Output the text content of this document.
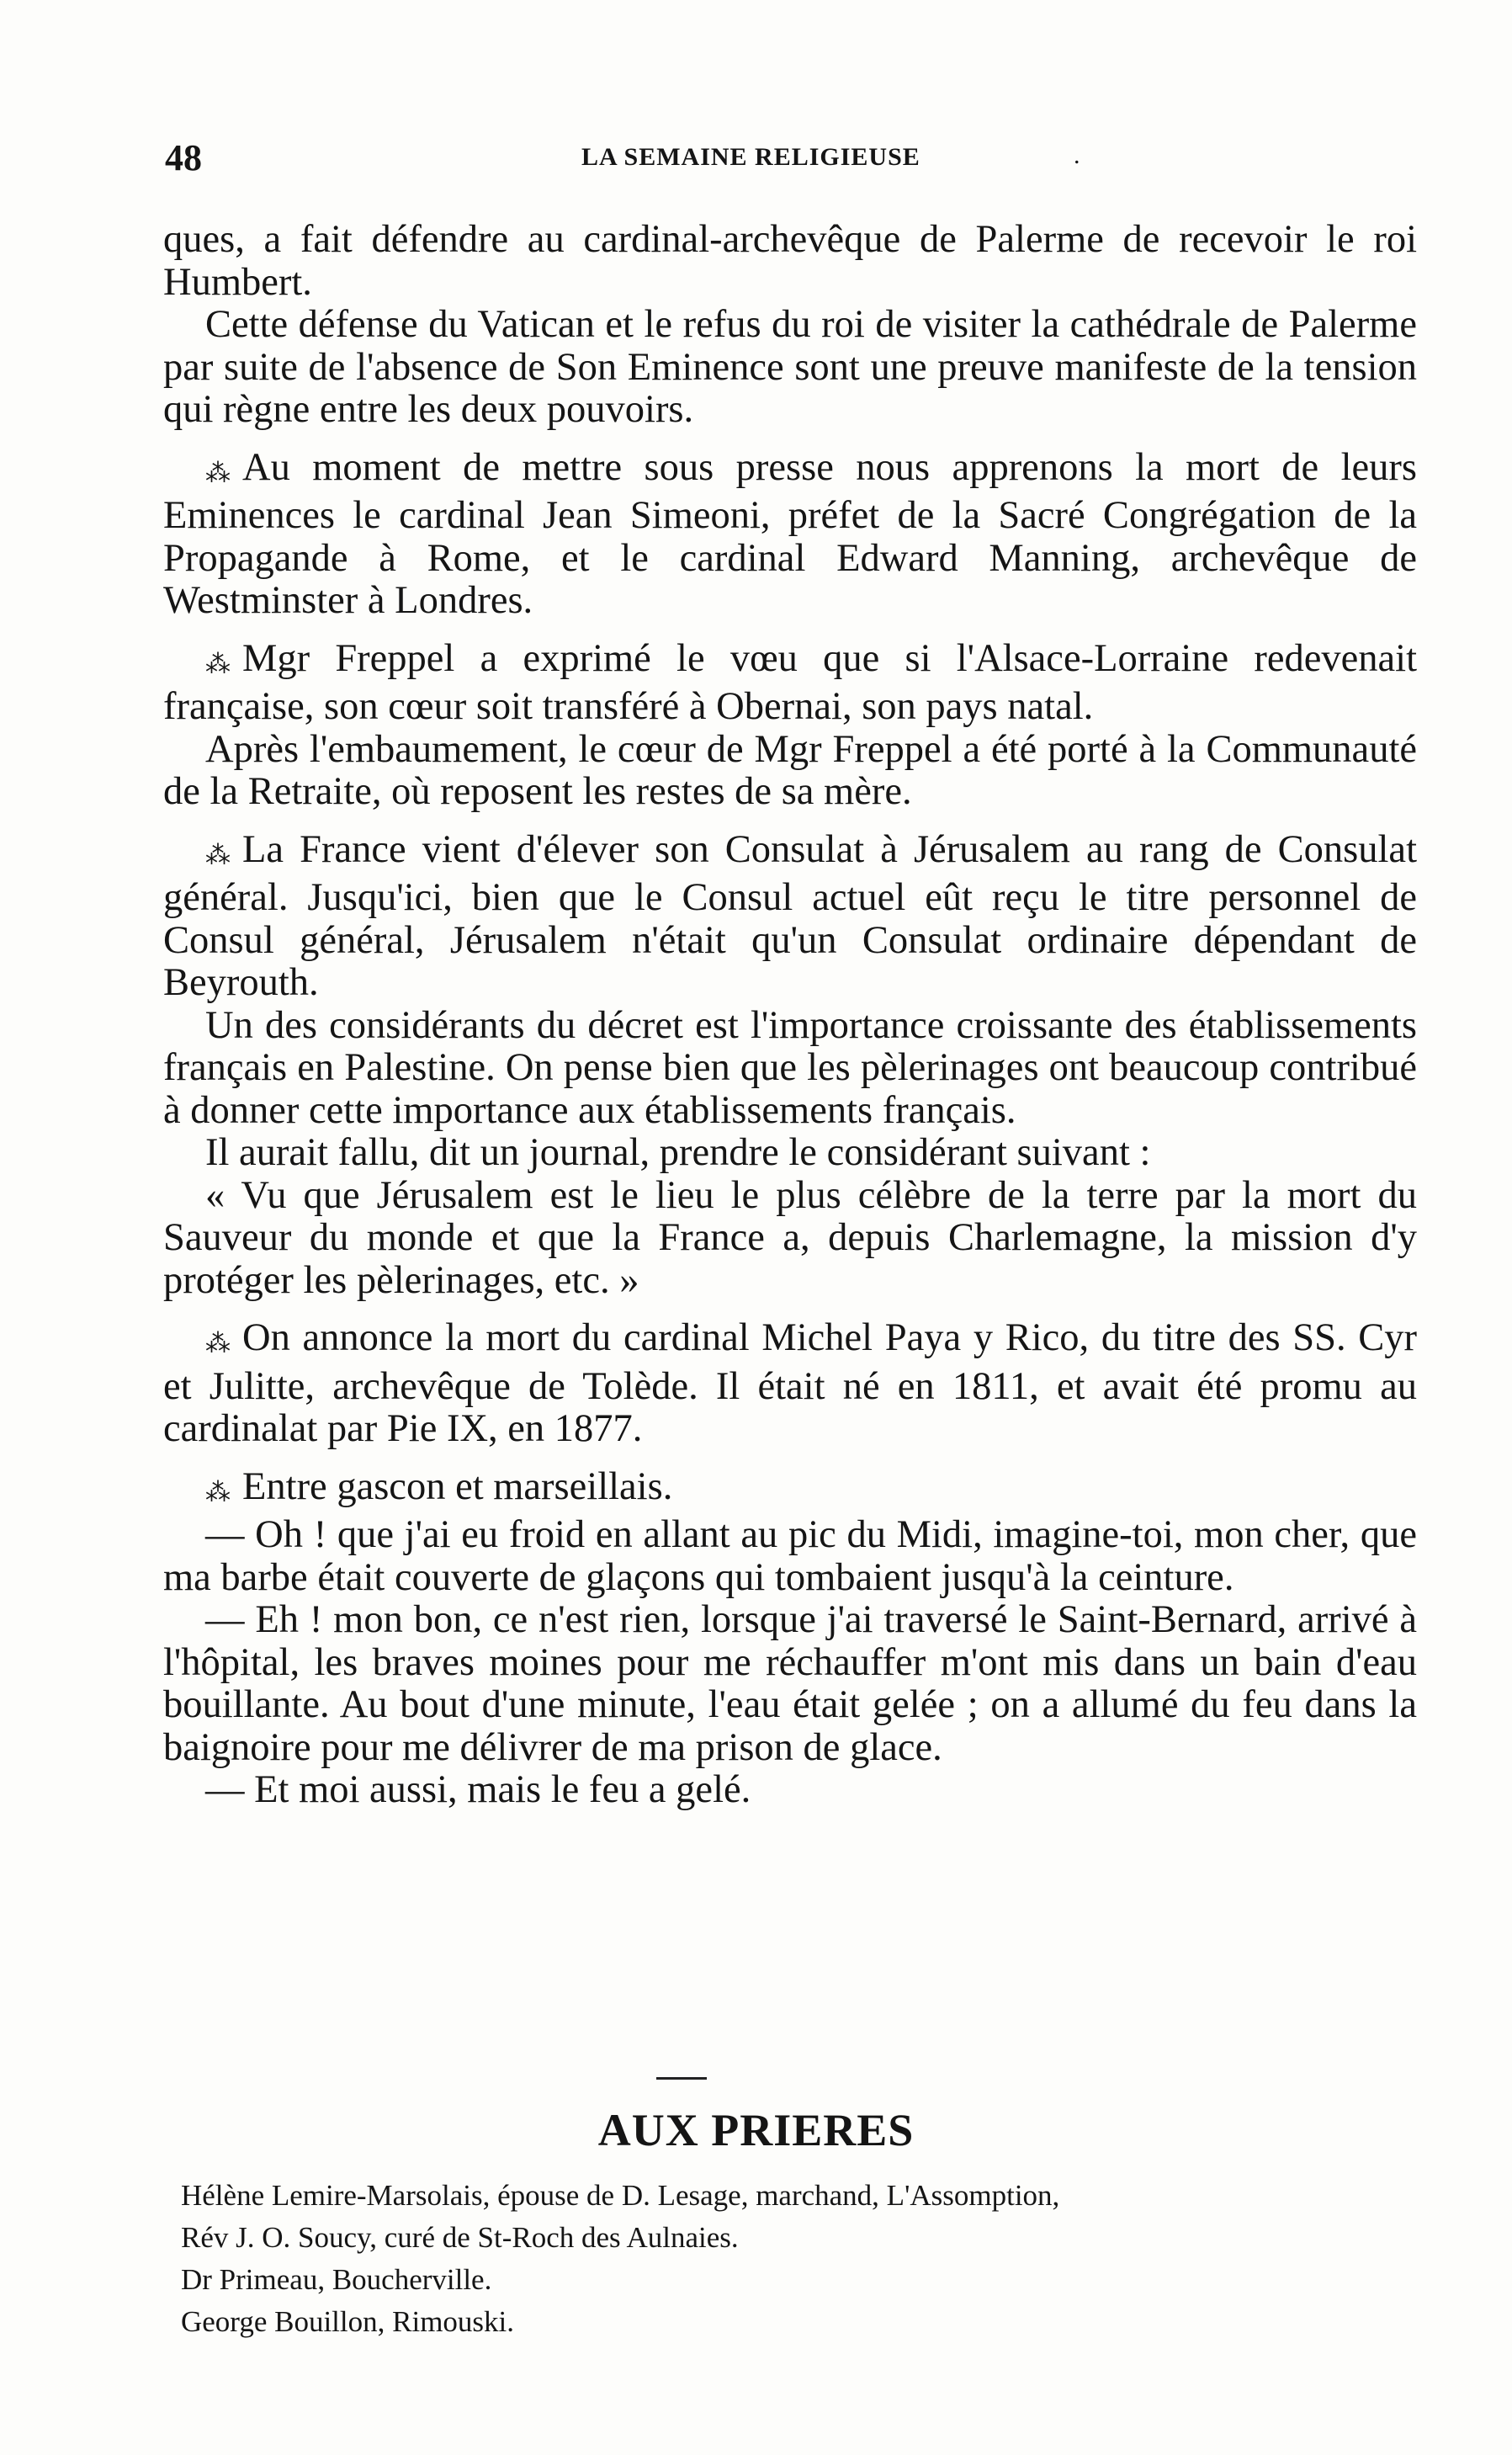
48	LA SEMAINE RELIGIEUSE	.

ques, a fait défendre au cardinal-archevêque de Palerme de recevoir le roi Humbert.

Cette défense du Vatican et le refus du roi de visiter la cathédrale de Palerme par suite de l'absence de Son Eminence sont une preuve manifeste de la tension qui règne entre les deux pouvoirs.

⁂ Au moment de mettre sous presse nous apprenons la mort de leurs Eminences le cardinal Jean Simeoni, préfet de la Sacré Congrégation de la Propagande à Rome, et le cardinal Edward Manning, archevêque de Westminster à Londres.

⁂ Mgr Freppel a exprimé le vœu que si l'Alsace-Lorraine redevenait française, son cœur soit transféré à Obernai, son pays natal.

Après l'embaumement, le cœur de Mgr Freppel a été porté à la Communauté de la Retraite, où reposent les restes de sa mère.

⁂ La France vient d'élever son Consulat à Jérusalem au rang de Consulat général. Jusqu'ici, bien que le Consul actuel eût reçu le titre personnel de Consul général, Jérusalem n'était qu'un Consulat ordinaire dépendant de Beyrouth.

Un des considérants du décret est l'importance croissante des établissements français en Palestine. On pense bien que les pèlerinages ont beaucoup contribué à donner cette importance aux établissements français.

Il aurait fallu, dit un journal, prendre le considérant suivant :

« Vu que Jérusalem est le lieu le plus célèbre de la terre par la mort du Sauveur du monde et que la France a, depuis Charlemagne, la mission d'y protéger les pèlerinages, etc. »

⁂ On annonce la mort du cardinal Michel Paya y Rico, du titre des SS. Cyr et Julitte, archevêque de Tolède. Il était né en 1811, et avait été promu au cardinalat par Pie IX, en 1877.

⁂ Entre gascon et marseillais.

— Oh ! que j'ai eu froid en allant au pic du Midi, imagine-toi, mon cher, que ma barbe était couverte de glaçons qui tombaient jusqu'à la ceinture.

— Eh ! mon bon, ce n'est rien, lorsque j'ai traversé le Saint-Bernard, arrivé à l'hôpital, les braves moines pour me réchauffer m'ont mis dans un bain d'eau bouillante. Au bout d'une minute, l'eau était gelée ; on a allumé du feu dans la baignoire pour me délivrer de ma prison de glace.

— Et moi aussi, mais le feu a gelé.

AUX PRIERES
Hélène Lemire-Marsolais, épouse de D. Lesage, marchand, L'Assomption,
Rév J. O. Soucy, curé de St-Roch des Aulnaies.
Dr Primeau, Boucherville.
George Bouillon, Rimouski.
